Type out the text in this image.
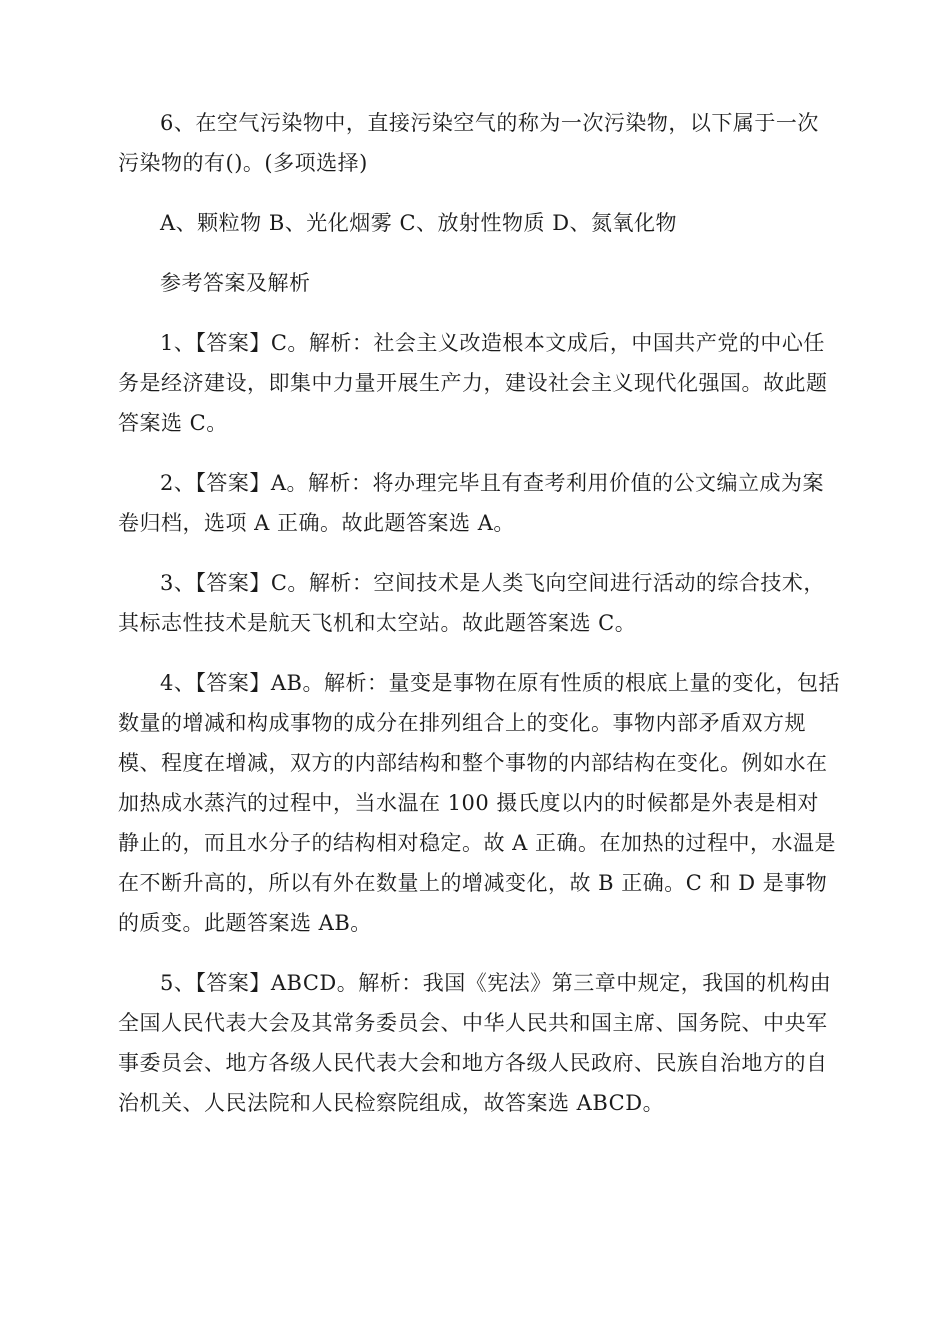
6、在空气污染物中，直接污染空气的称为一次污染物，以下属于一次污染物的有()。(多项选择)

A、颗粒物 B、光化烟雾 C、放射性物质 D、氮氧化物

参考答案及解析

1、【答案】C。解析：社会主义改造根本文成后，中国共产党的中心任务是经济建设，即集中力量开展生产力，建设社会主义现代化强国。故此题答案选 C。

2、【答案】A。解析：将办理完毕且有查考利用价值的公文编立成为案卷归档，选项 A 正确。故此题答案选 A。

3、【答案】C。解析：空间技术是人类飞向空间进行活动的综合技术，其标志性技术是航天飞机和太空站。故此题答案选 C。

4、【答案】AB。解析：量变是事物在原有性质的根底上量的变化，包括数量的增减和构成事物的成分在排列组合上的变化。事物内部矛盾双方规模、程度在增减，双方的内部结构和整个事物的内部结构在变化。例如水在加热成水蒸汽的过程中，当水温在 100 摄氏度以内的时候都是外表是相对静止的，而且水分子的结构相对稳定。故 A 正确。在加热的过程中，水温是在不断升高的，所以有外在数量上的增减变化，故 B 正确。C 和 D 是事物的质变。此题答案选 AB。

5、【答案】ABCD。解析：我国《宪法》第三章中规定，我国的机构由全国人民代表大会及其常务委员会、中华人民共和国主席、国务院、中央军事委员会、地方各级人民代表大会和地方各级人民政府、民族自治地方的自治机关、人民法院和人民检察院组成，故答案选 ABCD。
